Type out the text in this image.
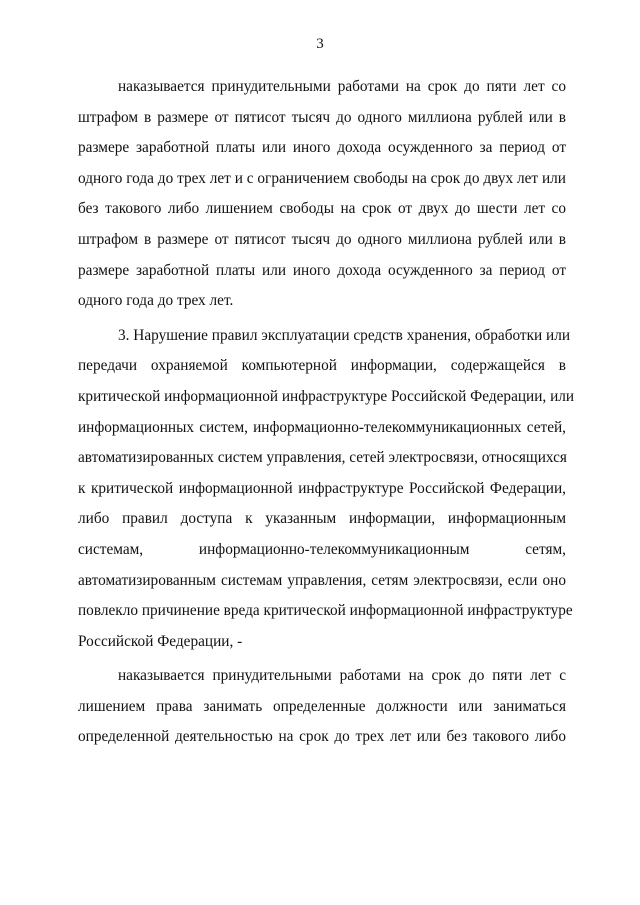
3
наказывается принудительными работами на срок до пяти лет со
штрафом в размере от пятисот тысяч до одного миллиона рублей или в
размере заработной платы или иного дохода осужденного за период от
одного года до трех лет и с ограничением свободы на срок до двух лет или
без такового либо лишением свободы на срок от двух до шести лет со
штрафом в размере от пятисот тысяч до одного миллиона рублей или в
размере заработной платы или иного дохода осужденного за период от
одного года до трех лет.
3. Нарушение правил эксплуатации средств хранения, обработки или
передачи охраняемой компьютерной информации, содержащейся в
критической информационной инфраструктуре Российской Федерации, или
информационных систем, информационно-телекоммуникационных сетей,
автоматизированных систем управления, сетей электросвязи, относящихся
к критической информационной инфраструктуре Российской Федерации,
либо правил доступа к указанным информации, информационным
системам, информационно-телекоммуникационным сетям,
автоматизированным системам управления, сетям электросвязи, если оно
повлекло причинение вреда критической информационной инфраструктуре
Российской Федерации, -
наказывается принудительными работами на срок до пяти лет с
лишением права занимать определенные должности или заниматься
определенной деятельностью на срок до трех лет или без такового либо
